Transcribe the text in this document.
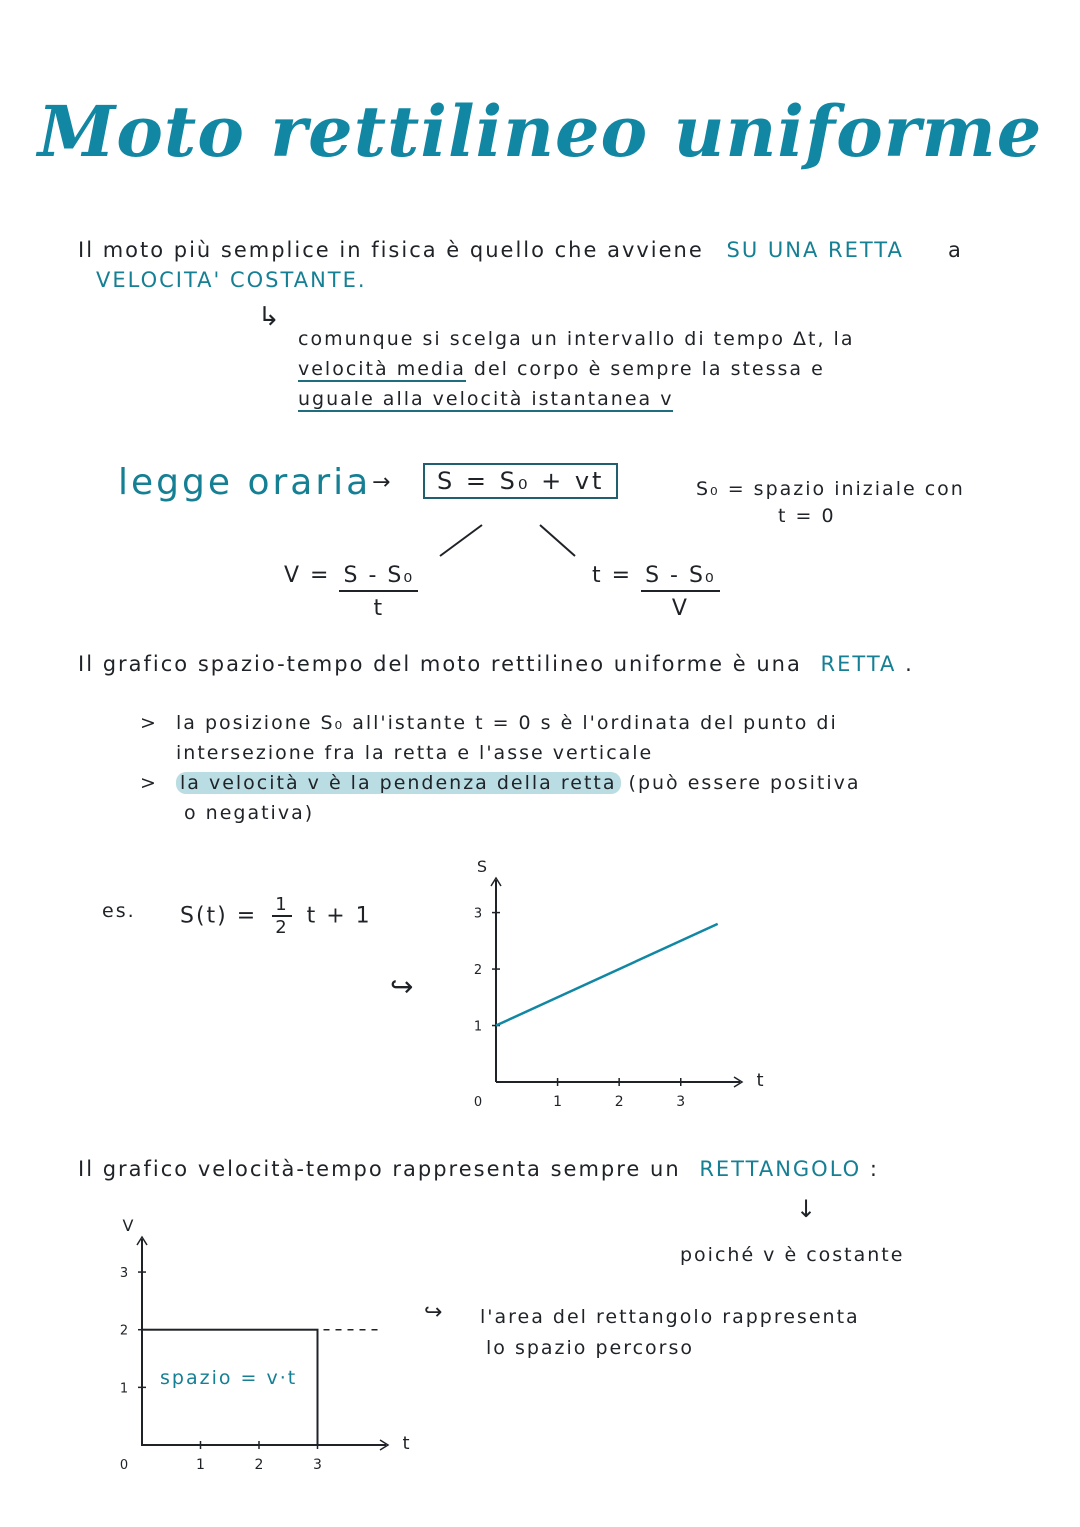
Moto rettilineo uniforme
Il moto più semplice in fisica è quello che avviene SU UNA RETTA a
VELOCITA' COSTANTE.
↳
comunque si scelga un intervallo di tempo Δt, la
velocità media del corpo è sempre la stessa e
uguale alla velocità istantanea v
legge oraria →	S = S₀ + vt	S₀ = spazio iniziale con
t = 0
$V = \frac{\text{S - S₀}}{t}$	$t = \frac{\text{S - S₀}}{V}$
Il grafico spazio-tempo del moto rettilineo uniforme è una RETTA .
> la posizione S₀ all'istante t = 0 s è l'ordinata del punto di
intersezione fra la retta e l'asse verticale
> la velocità v è la pendenza della retta (può essere positiva
o negativa)
es. $S(t) = \frac{1}{2}$ t + 1
↪
1	2	3
0
1
2
3
t
S
Il grafico velocità-tempo rappresenta sempre un RETTANGOLO :
↓
poiché v è costante
↪ l'area del rettangolo rappresenta
lo spazio percorso
1	2	3
0
1
2
3
t
V
spazio = v·t
